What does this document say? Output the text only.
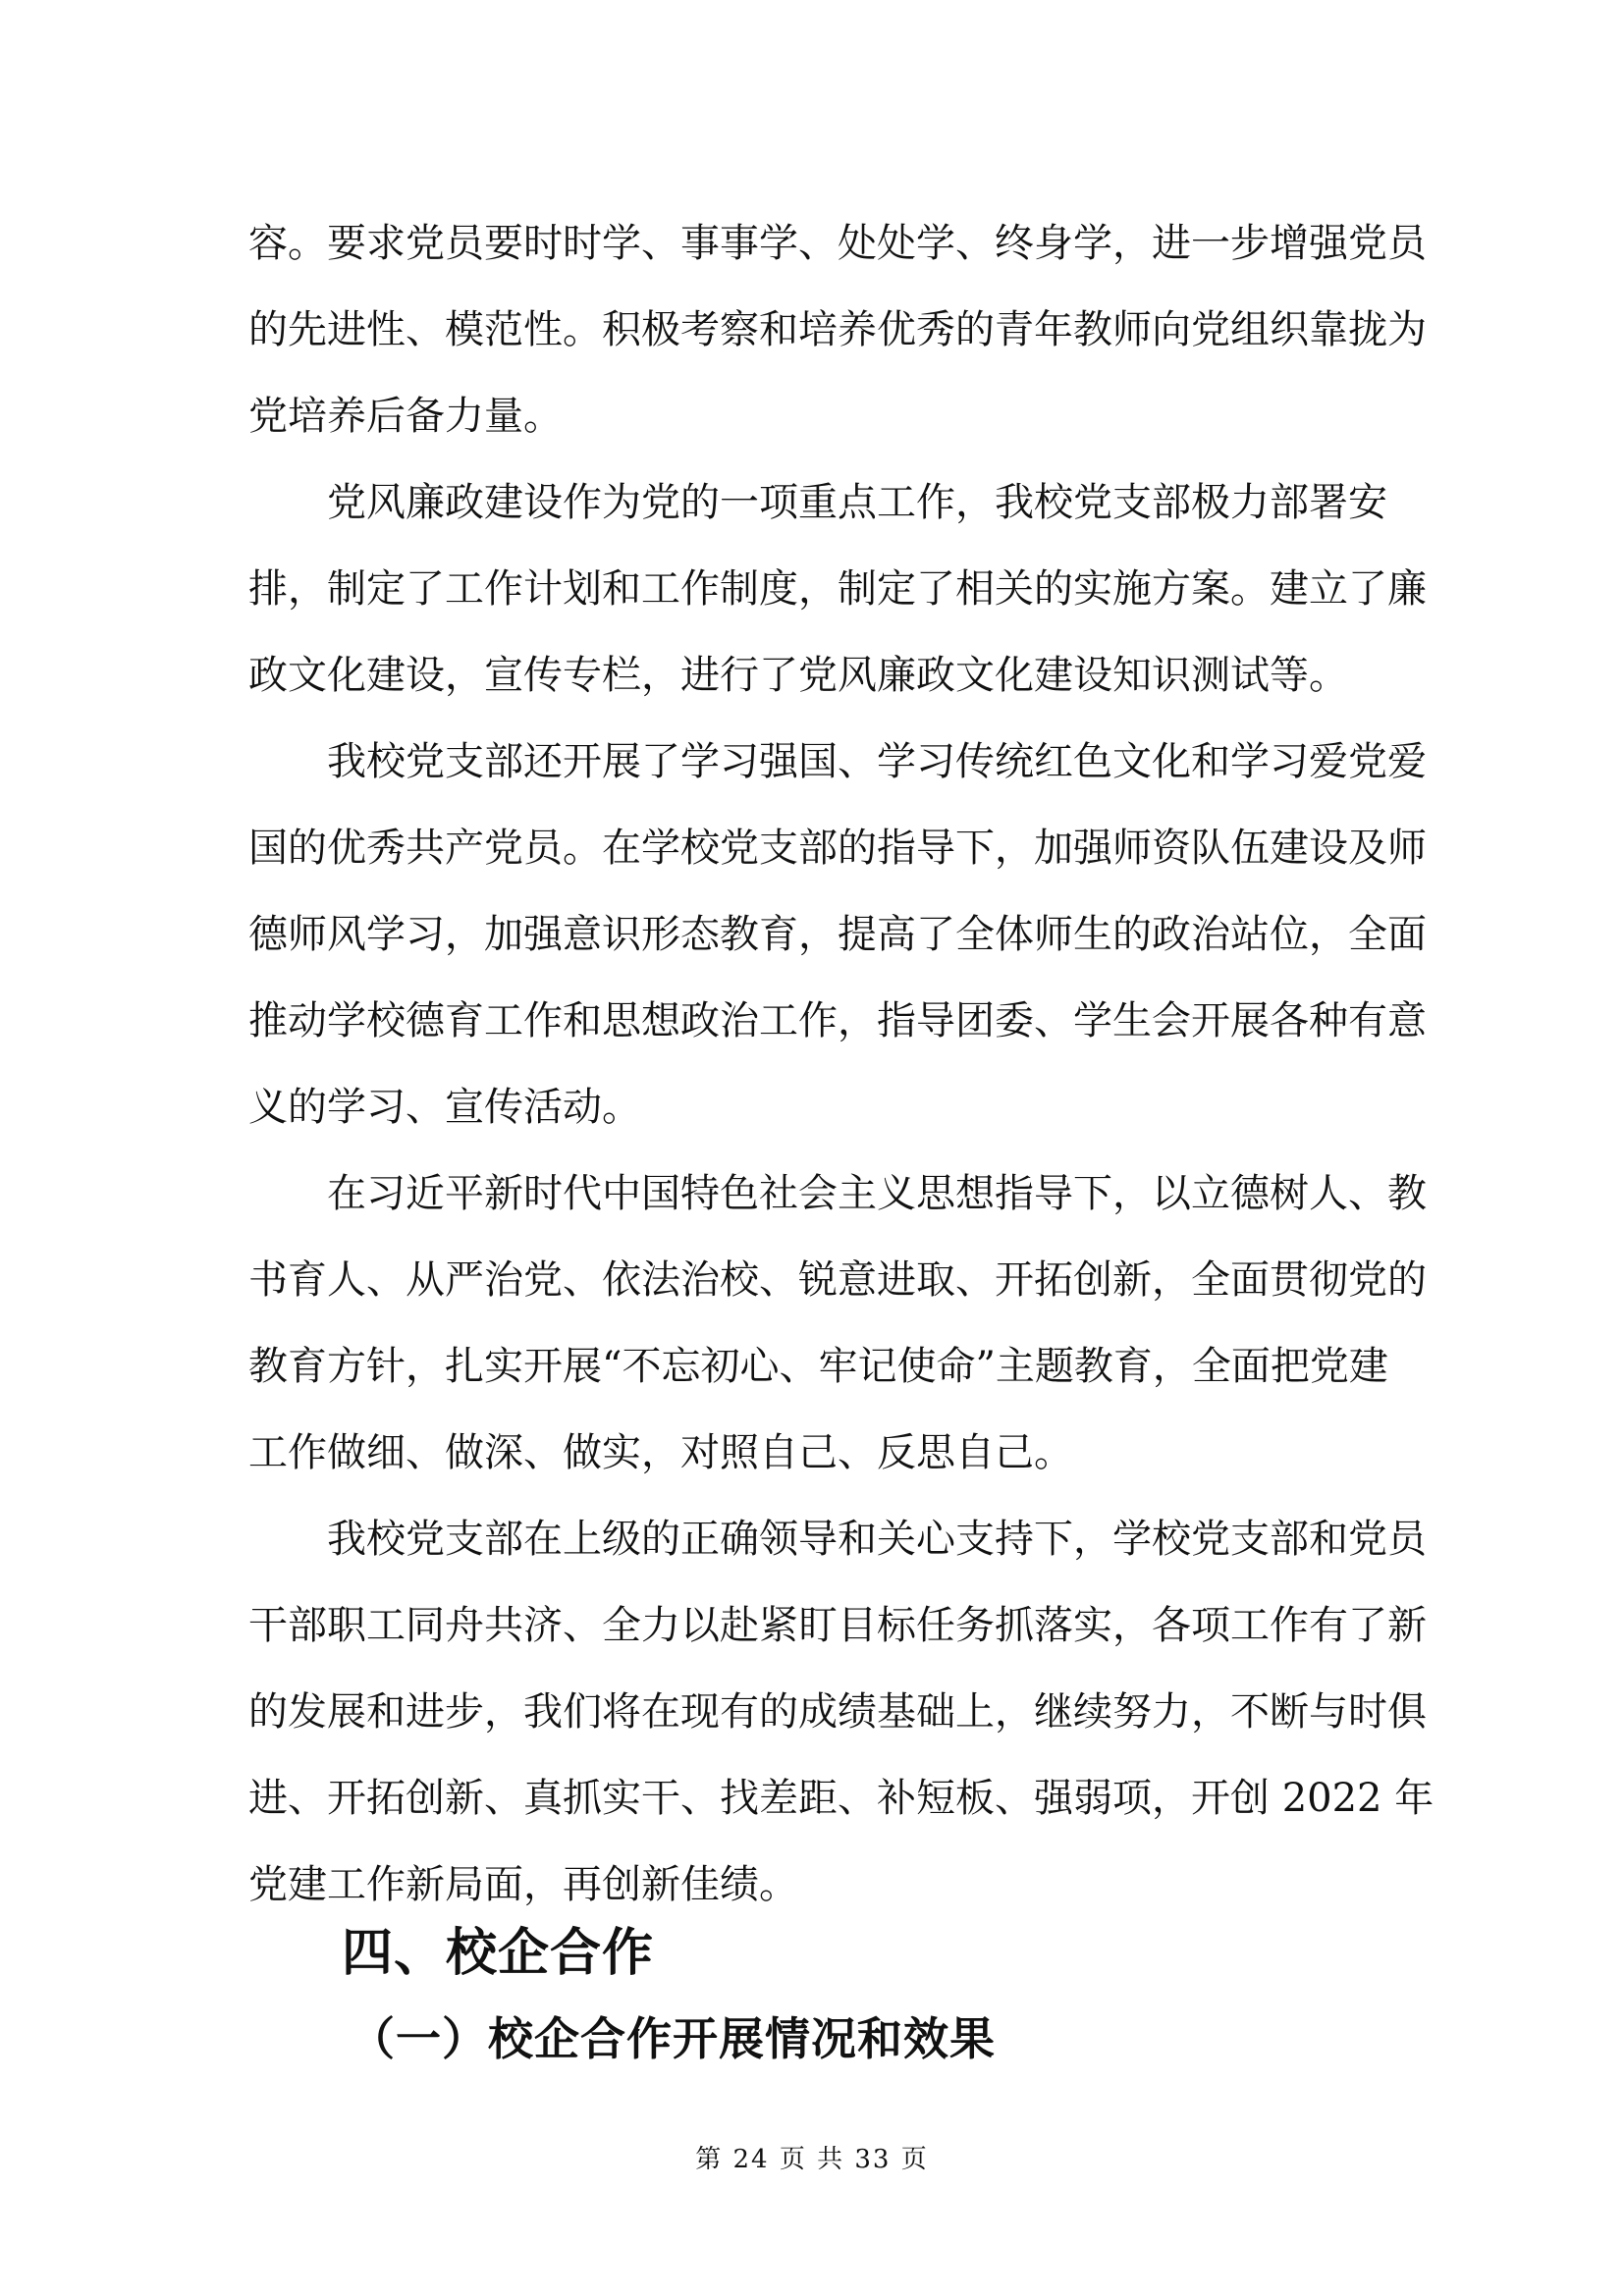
容。要求党员要时时学、事事学、处处学、终身学，进一步增强党员
的先进性、模范性。积极考察和培养优秀的青年教师向党组织靠拢为
党培养后备力量。
党风廉政建设作为党的一项重点工作，我校党支部极力部署安
排，制定了工作计划和工作制度，制定了相关的实施方案。建立了廉
政文化建设，宣传专栏，进行了党风廉政文化建设知识测试等。
我校党支部还开展了学习强国、学习传统红色文化和学习爱党爱
国的优秀共产党员。在学校党支部的指导下，加强师资队伍建设及师
德师风学习，加强意识形态教育，提高了全体师生的政治站位，全面
推动学校德育工作和思想政治工作，指导团委、学生会开展各种有意
义的学习、宣传活动。
在习近平新时代中国特色社会主义思想指导下，以立德树人、教
书育人、从严治党、依法治校、锐意进取、开拓创新，全面贯彻党的
教育方针，扎实开展“不忘初心、牢记使命”主题教育，全面把党建
工作做细、做深、做实，对照自己、反思自己。
我校党支部在上级的正确领导和关心支持下，学校党支部和党员
干部职工同舟共济、全力以赴紧盯目标任务抓落实，各项工作有了新
的发展和进步，我们将在现有的成绩基础上，继续努力，不断与时俱
进、开拓创新、真抓实干、找差距、补短板、强弱项，开创 2022 年
党建工作新局面，再创新佳绩。
四、校企合作
（一）校企合作开展情况和效果
第 24 页 共 33 页
